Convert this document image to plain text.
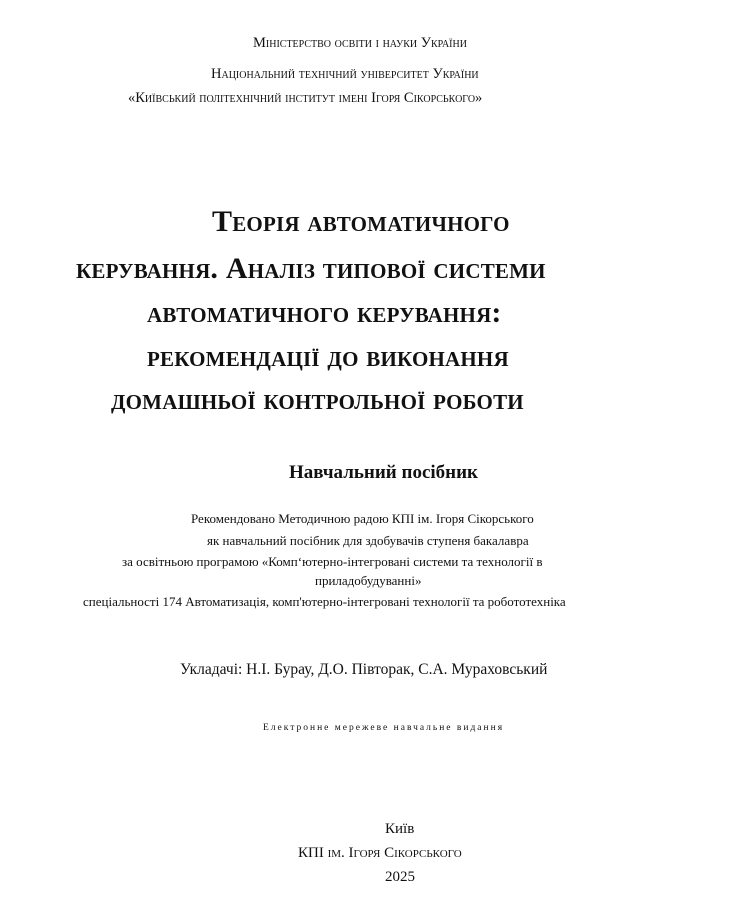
Міністерство освіти і науки України
Національний технічний університет України
«Київський політехнічний інститут імені Ігоря Сікорського»
Теорія автоматичного
керування. Аналіз типової системи
автоматичного керування:
рекомендації до виконання
домашньої контрольної роботи
Навчальний посібник
Рекомендовано Методичною радою КПІ ім. Ігоря Сікорського
як навчальний посібник для здобувачів ступеня бакалавра
за освітньою програмою «Комп‘ютерно-інтегровані системи та технології в
приладобудуванні»
спеціальності 174 Автоматизація, комп'ютерно-інтегровані технології та робототехніка
Укладачі: Н.І. Бурау, Д.О. Півторак, С.А. Мураховський
Електронне мережеве навчальне видання
Київ
КПІ ім. Ігоря Сікорського
2025
